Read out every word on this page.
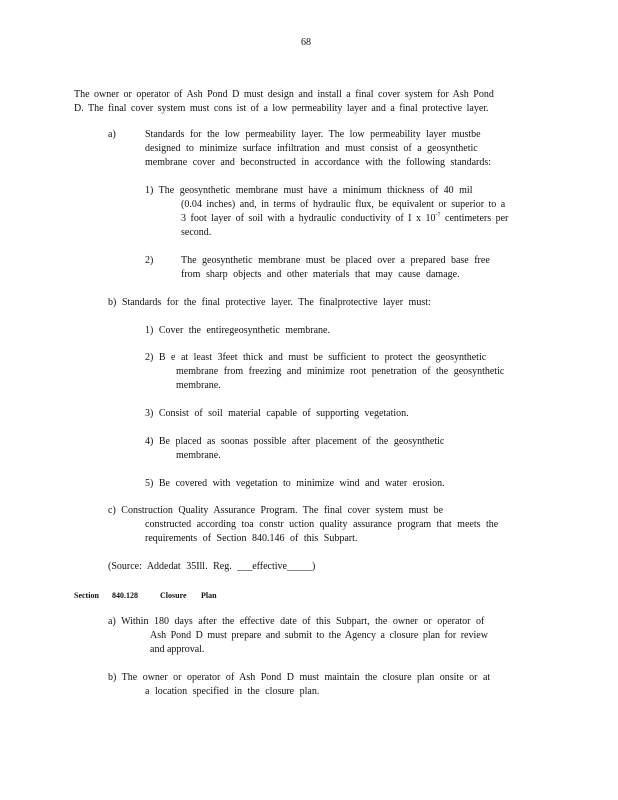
68
The owner or operator of Ash Pond D must design and install a final cover system for Ash Pond
D. The final cover system must cons ist of a low permeability layer and a final protective layer.
a)	Standards for the low permeability layer. The low permeability layer mustbe
designed to minimize surface infiltration and must consist of a geosynthetic
membrane cover and beconstructed in accordance with the following standards:
1) The geosynthetic membrane must have a minimum thickness of 40 mil
(0.04 inches) and, in terms of hydraulic flux, be equivalent or superior to a
3 foot layer of soil with a hydraulic conductivity of I x $10^{-7}$ centimeters per
second.
2)	The geosynthetic membrane must be placed over a prepared base free
from sharp objects and other materials that may cause damage.
b) Standards for the final protective layer. The finalprotective layer must:
1) Cover the entiregeosynthetic membrane.
2) B e at least 3feet thick and must be sufficient to protect the geosynthetic
membrane from freezing and minimize root penetration of the geosynthetic
membrane.
3) Consist of soil material capable of supporting vegetation.
4) Be placed as soonas possible after placement of the geosynthetic
membrane.
5) Be covered with vegetation to minimize wind and water erosion.
c) Construction Quality Assurance Program. The final cover system must be
constructed according toa constr uction quality assurance program that meets the
requirements of Section 840.146 of this Subpart.
(Source: Addedat 35Ill. Reg. ___effective_____)
Section 840.128	Closure Plan
a) Within 180 days after the effective date of this Subpart, the owner or operator of
Ash Pond D must prepare and submit to the Agency a closure plan for review
and approval.
b) The owner or operator of Ash Pond D must maintain the closure plan onsite or at
a location specified in the closure plan.
